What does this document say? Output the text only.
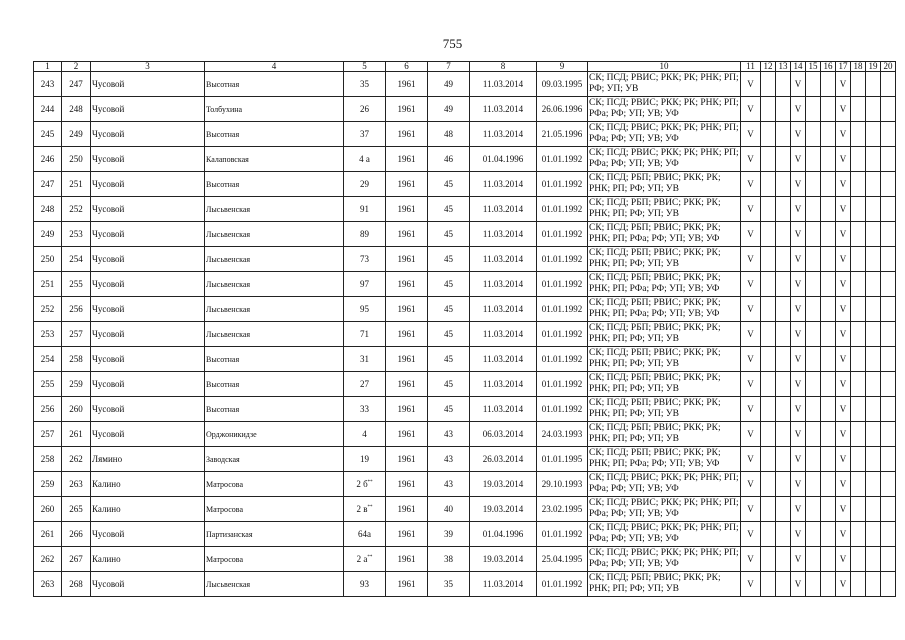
755
1	2	3	4	5	6	7	8	9	10	11	12	13	14	15	16	17	18	19	20
243	247	Чусовой	Высотная	35	1961	49	11.03.2014	09.03.1995	СК; ПСД; РВИС; РКК; РК; РНК; РП; РФ; УП; УВ	V			V			V			
244	248	Чусовой	Толбухина	26	1961	49	11.03.2014	26.06.1996	СК; ПСД; РВИС; РКК; РК; РНК; РП; РФа; РФ; УП; УВ; УФ	V			V			V			
245	249	Чусовой	Высотная	37	1961	48	11.03.2014	21.05.1996	СК; ПСД; РВИС; РКК; РК; РНК; РП; РФа; РФ; УП; УВ; УФ	V			V			V			
246	250	Чусовой	Калаповская	4 а	1961	46	01.04.1996	01.01.1992	СК; ПСД; РВИС; РКК; РК; РНК; РП; РФа; РФ; УП; УВ; УФ	V			V			V			
247	251	Чусовой	Высотная	29	1961	45	11.03.2014	01.01.1992	СК; ПСД; РБП; РВИС; РКК; РК; РНК; РП; РФ; УП; УВ	V			V			V			
248	252	Чусовой	Лысьвенская	91	1961	45	11.03.2014	01.01.1992	СК; ПСД; РБП; РВИС; РКК; РК; РНК; РП; РФ; УП; УВ	V			V			V			
249	253	Чусовой	Лысьвенская	89	1961	45	11.03.2014	01.01.1992	СК; ПСД; РБП; РВИС; РКК; РК; РНК; РП; РФа; РФ; УП; УВ; УФ	V			V			V			
250	254	Чусовой	Лысьвенская	73	1961	45	11.03.2014	01.01.1992	СК; ПСД; РБП; РВИС; РКК; РК; РНК; РП; РФ; УП; УВ	V			V			V			
251	255	Чусовой	Лысьвенская	97	1961	45	11.03.2014	01.01.1992	СК; ПСД; РБП; РВИС; РКК; РК; РНК; РП; РФа; РФ; УП; УВ; УФ	V			V			V			
252	256	Чусовой	Лысьвенская	95	1961	45	11.03.2014	01.01.1992	СК; ПСД; РБП; РВИС; РКК; РК; РНК; РП; РФа; РФ; УП; УВ; УФ	V			V			V			
253	257	Чусовой	Лысьвенская	71	1961	45	11.03.2014	01.01.1992	СК; ПСД; РБП; РВИС; РКК; РК; РНК; РП; РФ; УП; УВ	V			V			V			
254	258	Чусовой	Высотная	31	1961	45	11.03.2014	01.01.1992	СК; ПСД; РБП; РВИС; РКК; РК; РНК; РП; РФ; УП; УВ	V			V			V			
255	259	Чусовой	Высотная	27	1961	45	11.03.2014	01.01.1992	СК; ПСД; РБП; РВИС; РКК; РК; РНК; РП; РФ; УП; УВ	V			V			V			
256	260	Чусовой	Высотная	33	1961	45	11.03.2014	01.01.1992	СК; ПСД; РБП; РВИС; РКК; РК; РНК; РП; РФ; УП; УВ	V			V			V			
257	261	Чусовой	Орджоникидзе	4	1961	43	06.03.2014	24.03.1993	СК; ПСД; РБП; РВИС; РКК; РК; РНК; РП; РФ; УП; УВ	V			V			V			
258	262	Лямино	Заводская	19	1961	43	26.03.2014	01.01.1995	СК; ПСД; РБП; РВИС; РКК; РК; РНК; РП; РФа; РФ; УП; УВ; УФ	V			V			V			
259	263	Калино	Матросова	2 б**	1961	43	19.03.2014	29.10.1993	СК; ПСД; РВИС; РКК; РК; РНК; РП; РФа; РФ; УП; УВ; УФ	V			V			V			
260	265	Калино	Матросова	2 в**	1961	40	19.03.2014	23.02.1995	СК; ПСД; РВИС; РКК; РК; РНК; РП; РФа; РФ; УП; УВ; УФ	V			V			V			
261	266	Чусовой	Партизанская	64а	1961	39	01.04.1996	01.01.1992	СК; ПСД; РВИС; РКК; РК; РНК; РП; РФа; РФ; УП; УВ; УФ	V			V			V			
262	267	Калино	Матросова	2 а**	1961	38	19.03.2014	25.04.1995	СК; ПСД; РВИС; РКК; РК; РНК; РП; РФа; РФ; УП; УВ; УФ	V			V			V			
263	268	Чусовой	Лысьвенская	93	1961	35	11.03.2014	01.01.1992	СК; ПСД; РБП; РВИС; РКК; РК; РНК; РП; РФ; УП; УВ	V			V			V			
